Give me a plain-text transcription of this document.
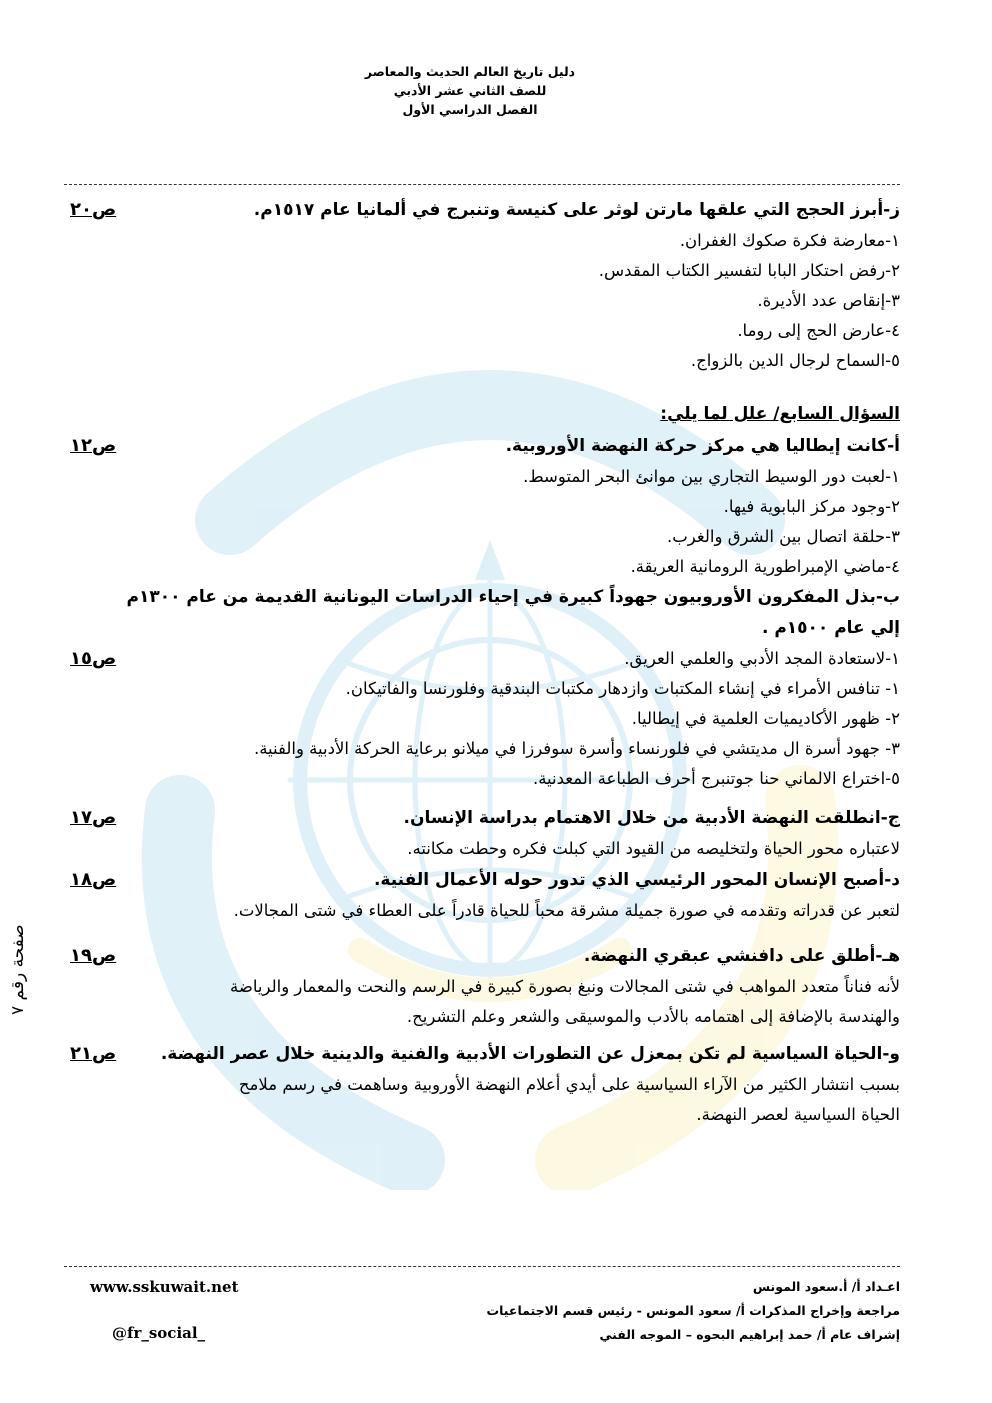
دليل تاريخ العالم الحديث والمعاصر
للصف الثاني عشر الأدبي
الفصل الدراسي الأول
ز-أبرز الحجج التي علقها مارتن لوثر على كنيسة وتنبرج في ألمانيا عام ١٥١٧م.
ص٢٠
١-معارضة فكرة صكوك الغفران.
٢-رفض احتكار البابا لتفسير الكتاب المقدس.
٣-إنقاص عدد الأديرة.
٤-عارض الحج إلى روما.
٥-السماح لرجال الدين بالزواج.
السؤال السابع/ علل لما يلي:
أ-كانت إيطاليا هي مركز حركة النهضة الأوروبية.
ص١٢
١-لعبت دور الوسيط التجاري بين موانئ البحر المتوسط.
٢-وجود مركز البابوية فيها.
٣-حلقة اتصال بين الشرق والغرب.
٤-ماضي الإمبراطورية الرومانية العريقة.
ب-بذل المفكرون الأوروبيون جهوداً كبيرة في إحياء الدراسات اليونانية القديمة من عام ١٣٠٠م
إلي عام ١٥٠٠م .
١-لاستعادة المجد الأدبي والعلمي العريق.
ص١٥
١- تنافس الأمراء في إنشاء المكتبات وازدهار مكتبات البندقية وفلورنسا والفاتيكان.
٢- ظهور الأكاديميات العلمية في إيطاليا.
٣- جهود أسرة ال مديتشي في فلورنساء وأسرة سوفرزا في ميلانو برعاية الحركة الأدبية والفنية.
٥-اختراع الالماني حنا جوتنبرج أحرف الطباعة المعدنية.
ج-انطلقت النهضة الأدبية من خلال الاهتمام بدراسة الإنسان.
ص١٧
لاعتباره محور الحياة ولتخليصه من القيود التي كبلت فكره وحطت مكانته.
د-أصبح الإنسان المحور الرئيسي الذي تدور حوله الأعمال الفنية.
ص١٨
لتعبر عن قدراته وتقدمه في صورة جميلة مشرقة محباً للحياة قادراً على العطاء في شتى المجالات.
هـ-أطلق على دافنشي عبقري النهضة.
ص١٩
لأنه فناناً متعدد المواهب في شتى المجالات ونبغ بصورة كبيرة في الرسم والنحت والمعمار والرياضة
والهندسة بالإضافة إلى اهتمامه بالأدب والموسيقى والشعر وعلم التشريح.
و-الحياة السياسية لم تكن بمعزل عن التطورات الأدبية والفنية والدينية خلال عصر النهضة.
ص٢١
بسبب انتشار الكثير من الآراء السياسية على أيدي أعلام النهضة الأوروبية وساهمت في رسم ملامح
الحياة السياسية لعصر النهضة.
صفحة رقم ٧
اعـداد أ/ أ.سعود المونس
مراجعة وإخراج المذكرات أ/ سعود المونس - رئيس قسم الاجتماعيات
إشراف عام أ/ حمد إبراهيم البحوه – الموجه الفني
www.sskuwait.net
@fr_social_
